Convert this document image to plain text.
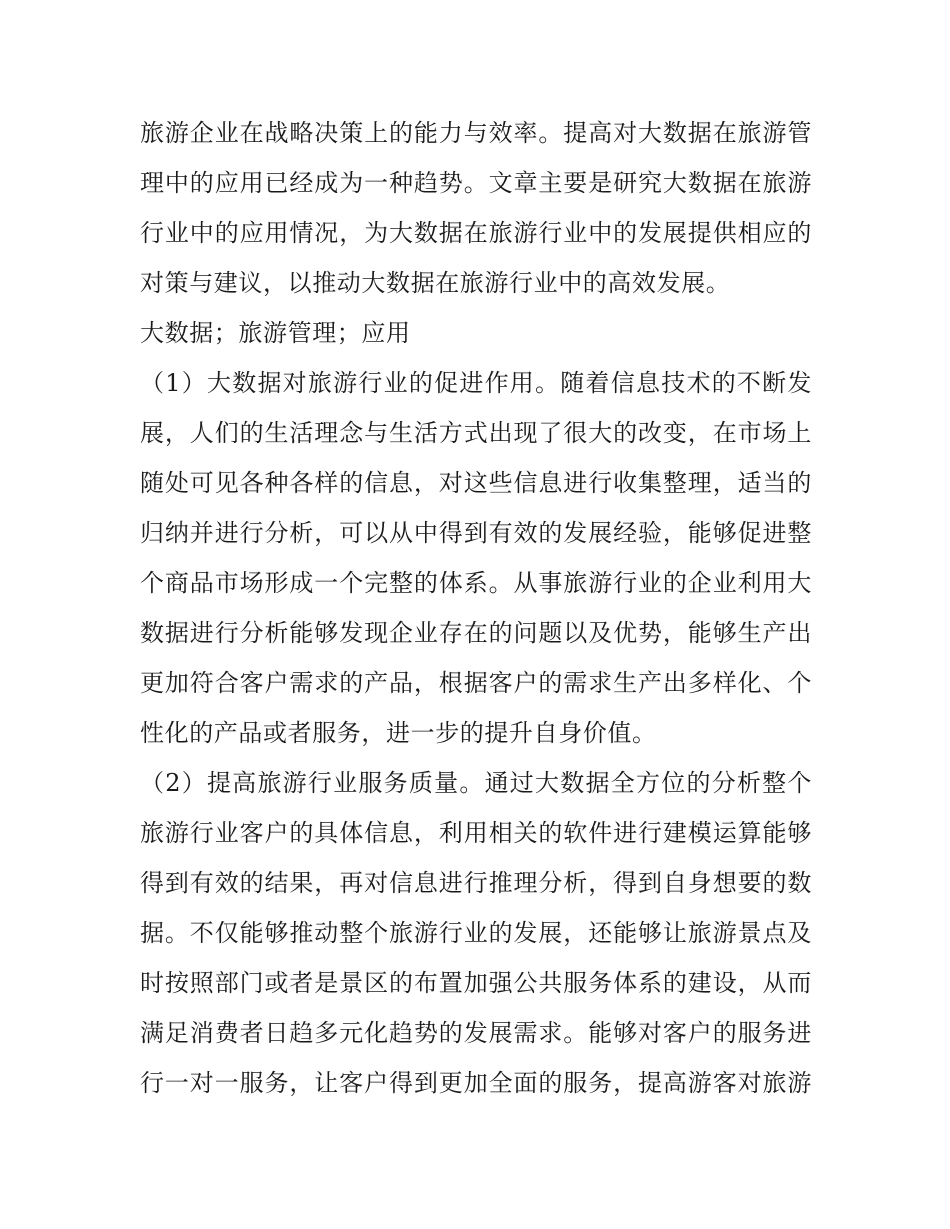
旅游企业在战略决策上的能力与效率。提高对大数据在旅游管
理中的应用已经成为一种趋势。文章主要是研究大数据在旅游
行业中的应用情况，为大数据在旅游行业中的发展提供相应的
对策与建议，以推动大数据在旅游行业中的高效发展。
大数据；旅游管理；应用
（1）大数据对旅游行业的促进作用。随着信息技术的不断发
展，人们的生活理念与生活方式出现了很大的改变，在市场上
随处可见各种各样的信息，对这些信息进行收集整理，适当的
归纳并进行分析，可以从中得到有效的发展经验，能够促进整
个商品市场形成一个完整的体系。从事旅游行业的企业利用大
数据进行分析能够发现企业存在的问题以及优势，能够生产出
更加符合客户需求的产品，根据客户的需求生产出多样化、个
性化的产品或者服务，进一步的提升自身价值。
（2）提高旅游行业服务质量。通过大数据全方位的分析整个
旅游行业客户的具体信息，利用相关的软件进行建模运算能够
得到有效的结果，再对信息进行推理分析，得到自身想要的数
据。不仅能够推动整个旅游行业的发展，还能够让旅游景点及
时按照部门或者是景区的布置加强公共服务体系的建设，从而
满足消费者日趋多元化趋势的发展需求。能够对客户的服务进
行一对一服务，让客户得到更加全面的服务，提高游客对旅游
